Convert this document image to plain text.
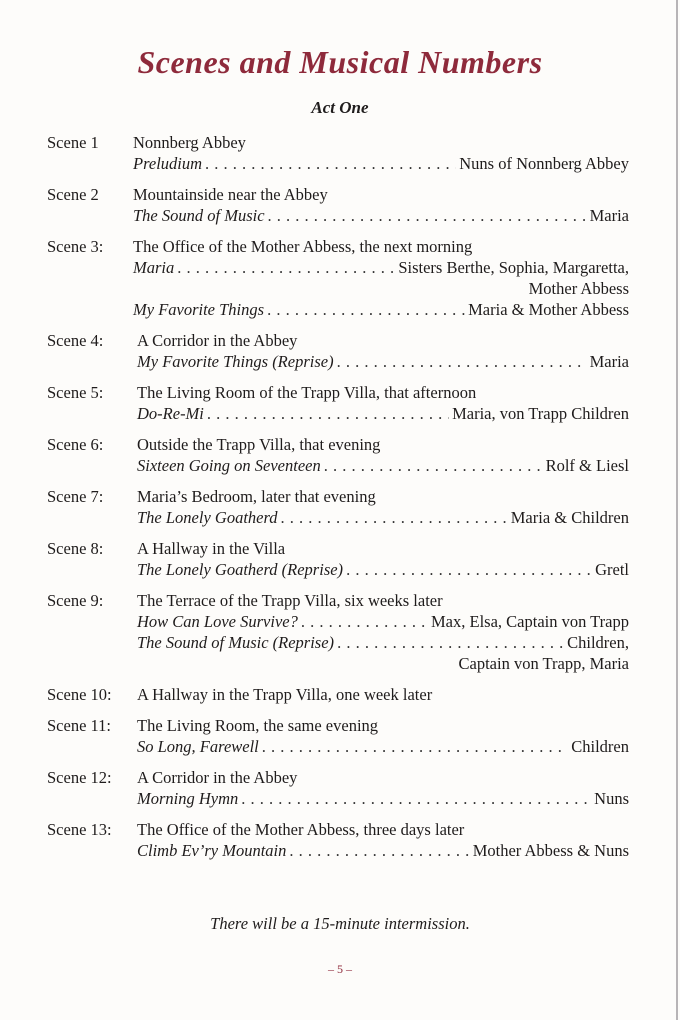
Scenes and Musical Numbers
Act One
Scene 1 Nonnberg Abbey
Preludium . . .	Nuns of Nonnberg Abbey
Scene 2 Mountainside near the Abbey
The Sound of Music . . .	Maria
Scene 3: The Office of the Mother Abbess, the next morning
Maria . . .	Sisters Berthe, Sophia, Margaretta,
Mother Abbess
My Favorite Things . . .	Maria & Mother Abbess
Scene 4: A Corridor in the Abbey
My Favorite Things (Reprise) . . .	Maria
Scene 5: The Living Room of the Trapp Villa, that afternoon
Do-Re-Mi . . .	Maria, von Trapp Children
Scene 6: Outside the Trapp Villa, that evening
Sixteen Going on Seventeen . . .	Rolf & Liesl
Scene 7: Maria’s Bedroom, later that evening
The Lonely Goatherd . . .	Maria & Children
Scene 8: A Hallway in the Villa
The Lonely Goatherd (Reprise) . . .	Gretl
Scene 9: The Terrace of the Trapp Villa, six weeks later
How Can Love Survive? . . .	Max, Elsa, Captain von Trapp
The Sound of Music (Reprise) . . .	Children,
Captain von Trapp, Maria
Scene 10: A Hallway in the Trapp Villa, one week later
Scene 11: The Living Room, the same evening
So Long, Farewell . . .	Children
Scene 12: A Corridor in the Abbey
Morning Hymn . . .	Nuns
Scene 13: The Office of the Mother Abbess, three days later
Climb Ev’ry Mountain . . .	Mother Abbess & Nuns
There will be a 15-minute intermission.
– 5 –
